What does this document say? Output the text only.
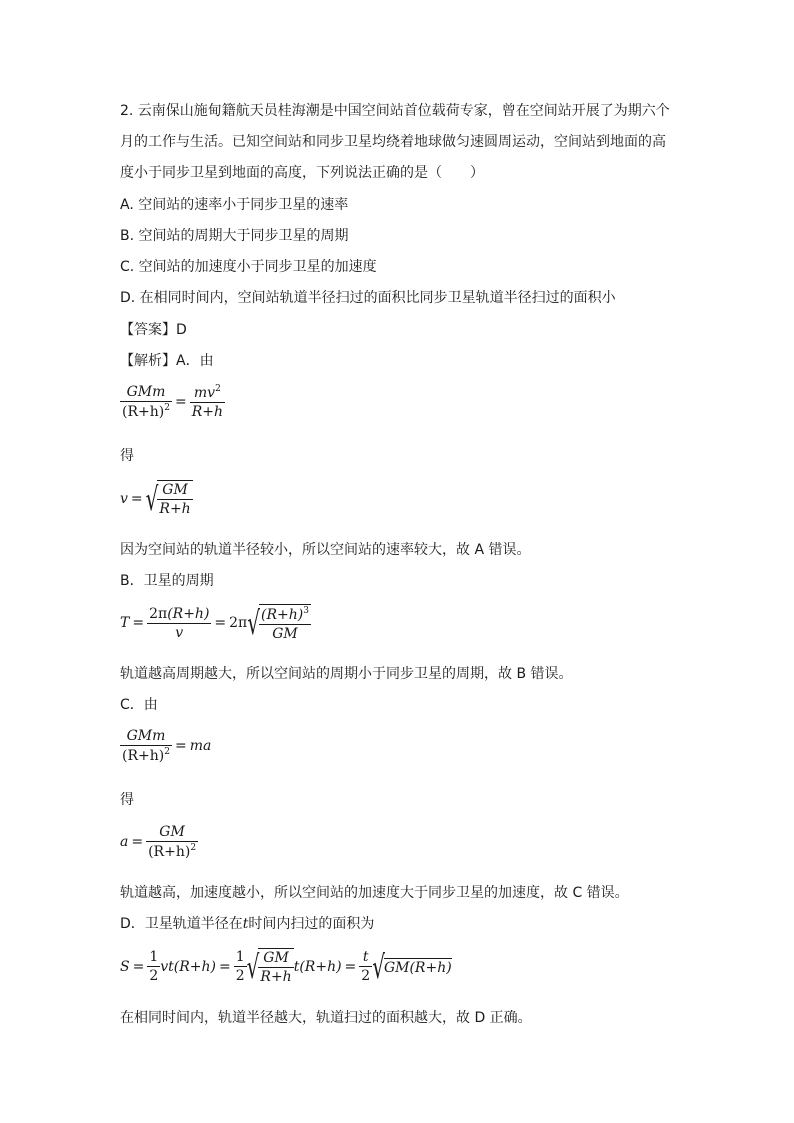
2. 云南保山施甸籍航天员桂海潮是中国空间站首位载荷专家，曾在空间站开展了为期六个
月的工作与生活。已知空间站和同步卫星均绕着地球做匀速圆周运动，空间站到地面的高
度小于同步卫星到地面的高度，下列说法正确的是（　　）
A. 空间站的速率小于同步卫星的速率
B. 空间站的周期大于同步卫星的周期
C. 空间站的加速度小于同步卫星的加速度
D. 在相同时间内，空间站轨道半径扫过的面积比同步卫星轨道半径扫过的面积小
【答案】D
【解析】A．由
$\frac{\text{GMm}}{(R+h)^2} = \frac{mv^2}{R+h}$
得
v = √ $\frac{GM}{R+h}$
因为空间站的轨道半径较小，所以空间站的速率较大，故 A 错误。
B．卫星的周期
$T = \frac{2\pi(R+h)}{v} = 2\pi√ \frac{(R+h)^3}{GM}$
轨道越高周期越大，所以空间站的周期小于同步卫星的周期，故 B 错误。
C．由
$\frac{\text{GMm}}{(R+h)^2}$ = ma
得
$a = \frac{GM}{(R+h)^2}$
轨道越高，加速度越小，所以空间站的加速度大于同步卫星的加速度，故 C 错误。
D．卫星轨道半径在t时间内扫过的面积为
$S = \frac{1}{2} vt(R+h) = \frac{1}{2}$ √ $\frac{GM}{R+h} t(R+h) = \frac{t}{2} √GM(R+h)$
在相同时间内，轨道半径越大，轨道扫过的面积越大，故 D 正确。
